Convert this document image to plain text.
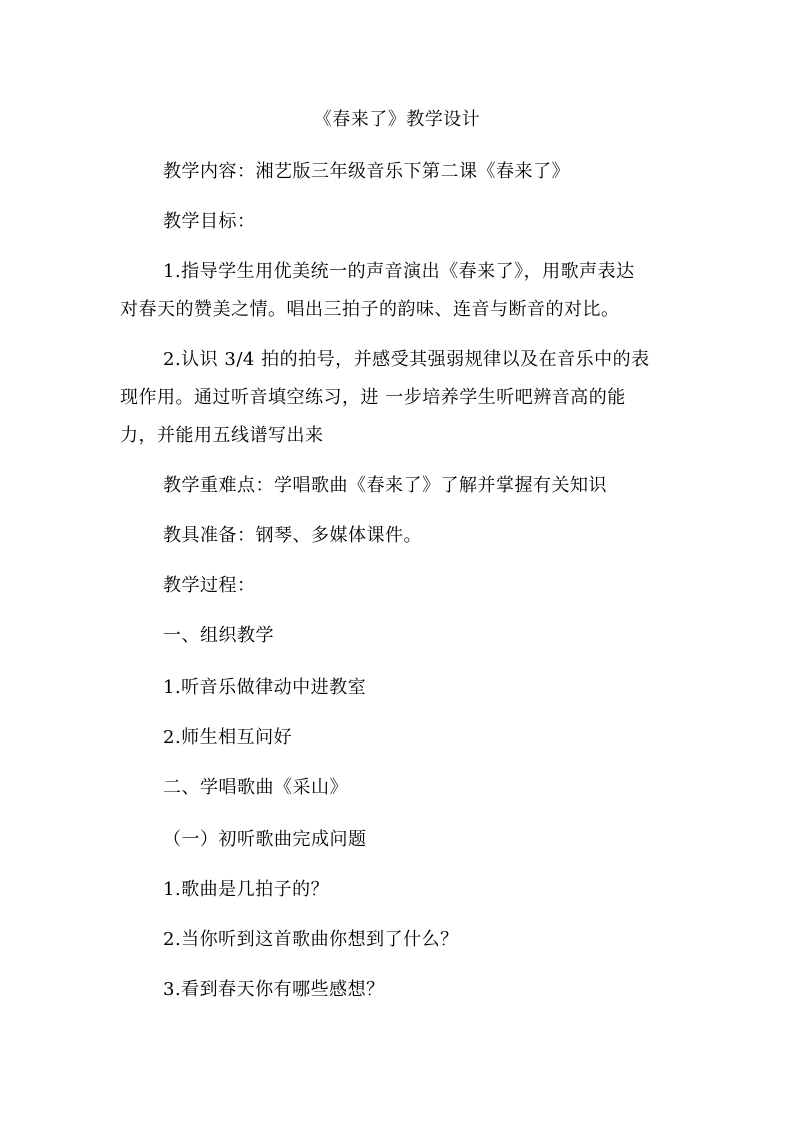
《春来了》教学设计
教学内容：湘艺版三年级音乐下第二课《春来了》
教学目标：
1.指导学生用优美统一的声音演出《春来了》，用歌声表达
对春天的赞美之情。唱出三拍子的韵味、连音与断音的对比。
2.认识 3/4 拍的拍号，并感受其强弱规律以及在音乐中的表
现作用。通过听音填空练习，进 一步培养学生听吧辨音高的能
力，并能用五线谱写出来
教学重难点：学唱歌曲《春来了》了解并掌握有关知识
教具准备：钢琴、多媒体课件。
教学过程：
一、组织教学
1.听音乐做律动中进教室
2.师生相互问好
二、学唱歌曲《采山》
（一）初听歌曲完成问题
1.歌曲是几拍子的？
2.当你听到这首歌曲你想到了什么？
3.看到春天你有哪些感想？
